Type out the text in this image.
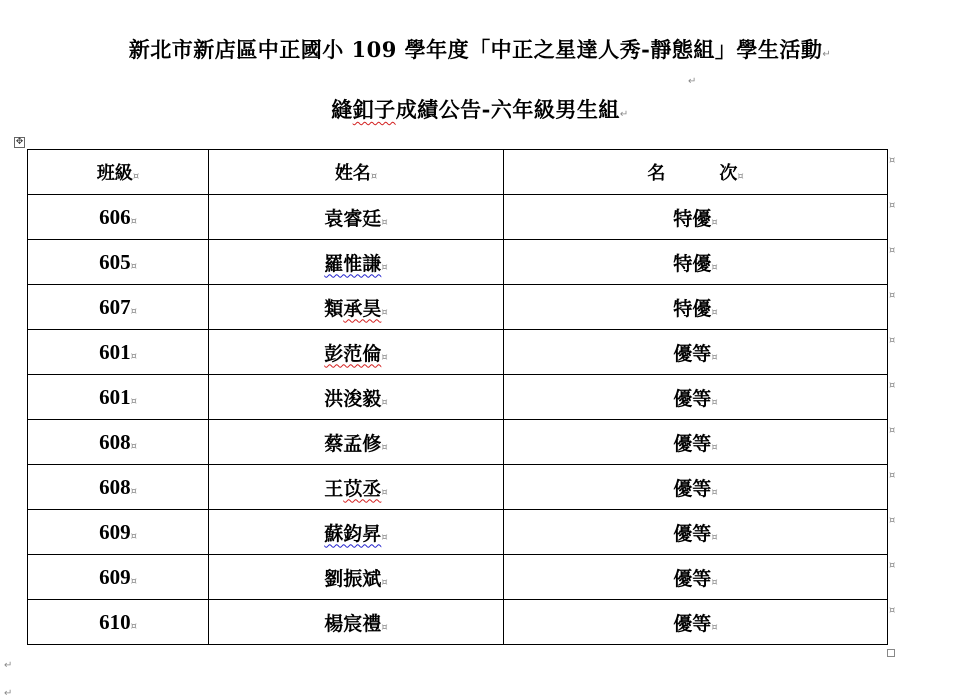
新北市新店區中正國小 109 學年度「中正之星達人秀-靜態組」學生活動↵
↵
縫釦子成績公告-六年級男生組↵
✥
班級¤	姓名¤	名 次¤
606¤	袁睿廷¤	特優¤
605¤	羅惟謙¤	特優¤
607¤	類承昊¤	特優¤
601¤	彭范倫¤	優等¤
601¤	洪浚毅¤	優等¤
608¤	蔡孟修¤	優等¤
608¤	王苡丞¤	優等¤
609¤	蘇鈞昇¤	優等¤
609¤	劉振斌¤	優等¤
610¤	楊宸禮¤	優等¤
¤
¤
¤
¤
¤
¤
¤
¤
¤
¤
¤
↵
↵
